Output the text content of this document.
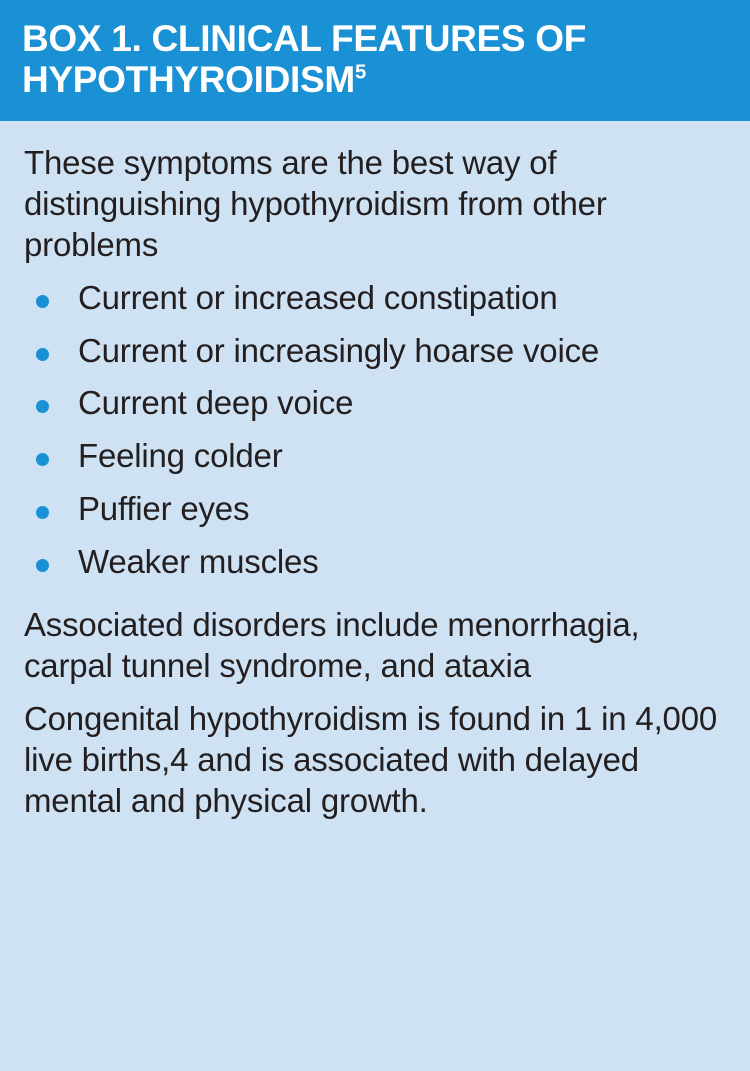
BOX 1. CLINICAL FEATURES OF HYPOTHYROIDISM$^5$

These symptoms are the best way of distinguishing hypothyroidism from other problems

Current or increased constipation
Current or increasingly hoarse voice
Current deep voice
Feeling colder
Puffier eyes
Weaker muscles

Associated disorders include menorrhagia, carpal tunnel syndrome, and ataxia

Congenital hypothyroidism is found in 1 in 4,000 live births,4 and is associated with delayed mental and physical growth.
